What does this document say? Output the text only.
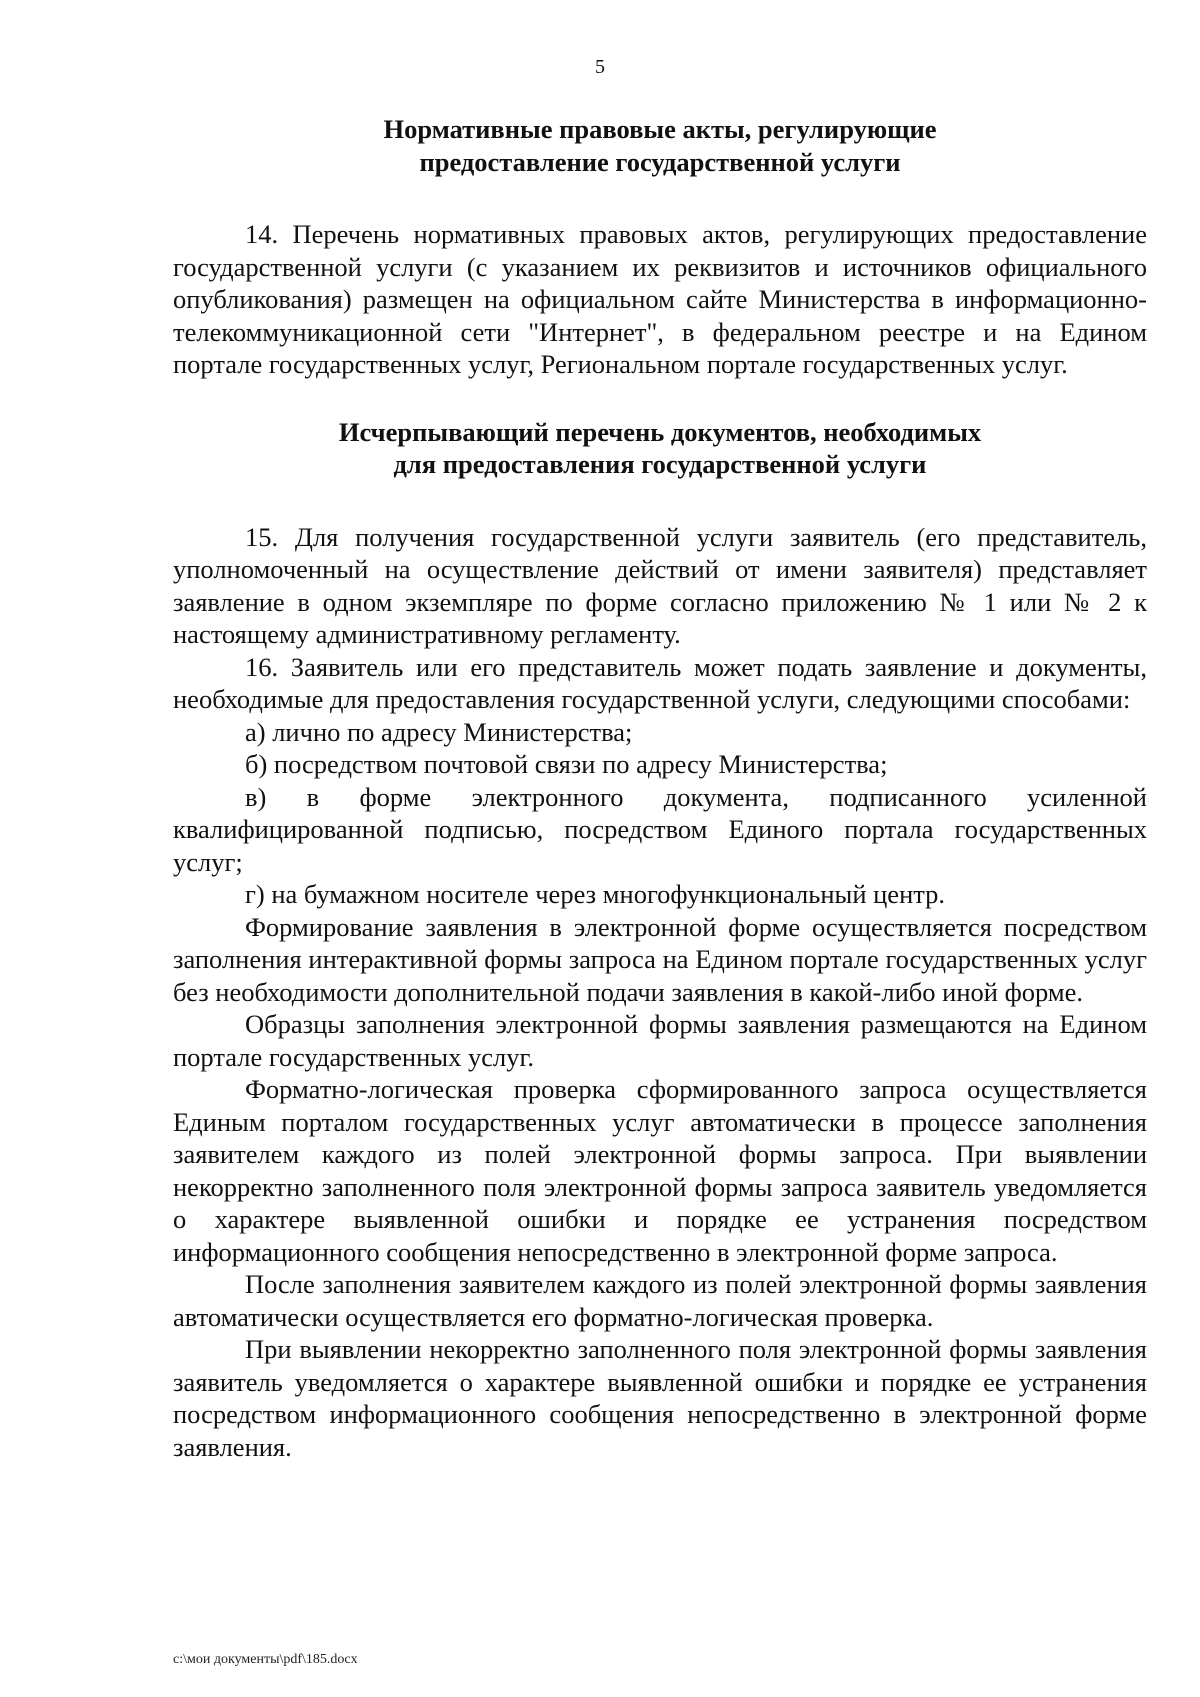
5
Нормативные правовые акты, регулирующие
предоставление государственной услуги

14. Перечень нормативных правовых актов, регулирующих предоставление государственной услуги (с указанием их реквизитов и источников официального опубликования) размещен на официальном сайте Министерства в информационно-телекоммуникационной сети "Интернет", в федеральном реестре и на Едином портале государственных услуг, Региональном портале государственных услуг.

Исчерпывающий перечень документов, необходимых
для предоставления государственной услуги

15. Для получения государственной услуги заявитель (его представитель, уполномоченный на осуществление действий от имени заявителя) представляет заявление в одном экземпляре по форме согласно приложению № 1 или № 2 к настоящему административному регламенту.

16. Заявитель или его представитель может подать заявление и документы, необходимые для предоставления государственной услуги, следующими способами:

а) лично по адресу Министерства;

б) посредством почтовой связи по адресу Министерства;

в) в форме электронного документа, подписанного усиленной квалифицированной подписью, посредством Единого портала государственных услуг;

г) на бумажном носителе через многофункциональный центр.

Формирование заявления в электронной форме осуществляется посредством заполнения интерактивной формы запроса на Едином портале государственных услуг без необходимости дополнительной подачи заявления в какой-либо иной форме.

Образцы заполнения электронной формы заявления размещаются на Едином портале государственных услуг.

Форматно-логическая проверка сформированного запроса осуществляется Единым порталом государственных услуг автоматически в процессе заполнения заявителем каждого из полей электронной формы запроса. При выявлении некорректно заполненного поля электронной формы запроса заявитель уведомляется о характере выявленной ошибки и порядке ее устранения посредством информационного сообщения непосредственно в электронной форме запроса.

После заполнения заявителем каждого из полей электронной формы заявления автоматически осуществляется его форматно-логическая проверка.

При выявлении некорректно заполненного поля электронной формы заявления заявитель уведомляется о характере выявленной ошибки и порядке ее устранения посредством информационного сообщения непосредственно в электронной форме заявления.

c:\мои документы\pdf\185.docx
